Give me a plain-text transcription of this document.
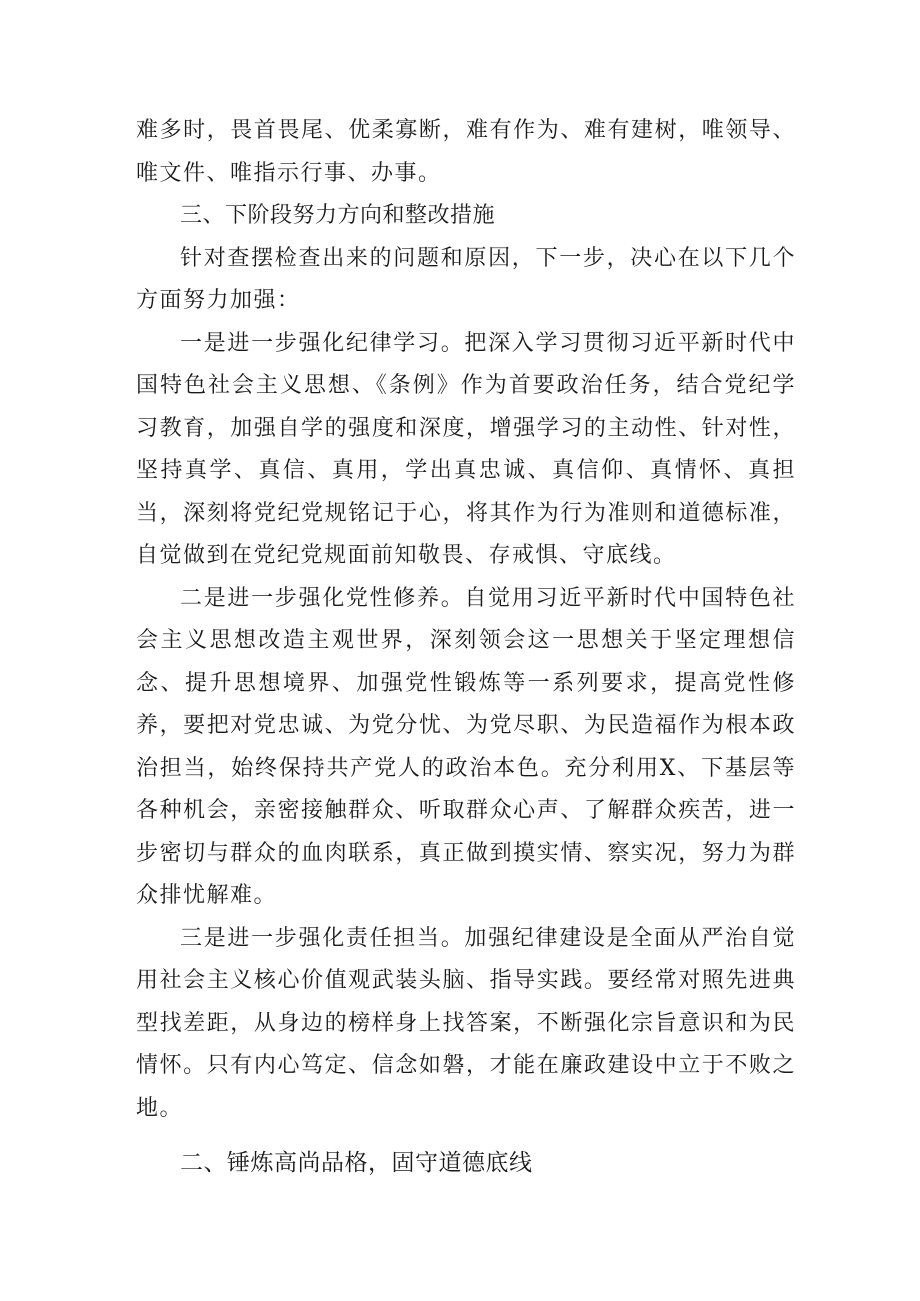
难多时，畏首畏尾、优柔寡断，难有作为、难有建树，唯领导、唯文件、唯指示行事、办事。

三、下阶段努力方向和整改措施

针对查摆检查出来的问题和原因，下一步，决心在以下几个方面努力加强：

一是进一步强化纪律学习。把深入学习贯彻习近平新时代中国特色社会主义思想、《条例》作为首要政治任务，结合党纪学习教育，加强自学的强度和深度，增强学习的主动性、针对性，坚持真学、真信、真用，学出真忠诚、真信仰、真情怀、真担当，深刻将党纪党规铭记于心，将其作为行为准则和道德标准，自觉做到在党纪党规面前知敬畏、存戒惧、守底线。

二是进一步强化党性修养。自觉用习近平新时代中国特色社会主义思想改造主观世界，深刻领会这一思想关于坚定理想信念、提升思想境界、加强党性锻炼等一系列要求，提高党性修养，要把对党忠诚、为党分忧、为党尽职、为民造福作为根本政治担当，始终保持共产党人的政治本色。充分利用X、下基层等各种机会，亲密接触群众、听取群众心声、了解群众疾苦，进一步密切与群众的血肉联系，真正做到摸实情、察实况，努力为群众排忧解难。

三是进一步强化责任担当。加强纪律建设是全面从严治自觉用社会主义核心价值观武装头脑、指导实践。要经常对照先进典型找差距，从身边的榜样身上找答案，不断强化宗旨意识和为民情怀。只有内心笃定、信念如磐，才能在廉政建设中立于不败之地。

二、锤炼高尚品格，固守道德底线
